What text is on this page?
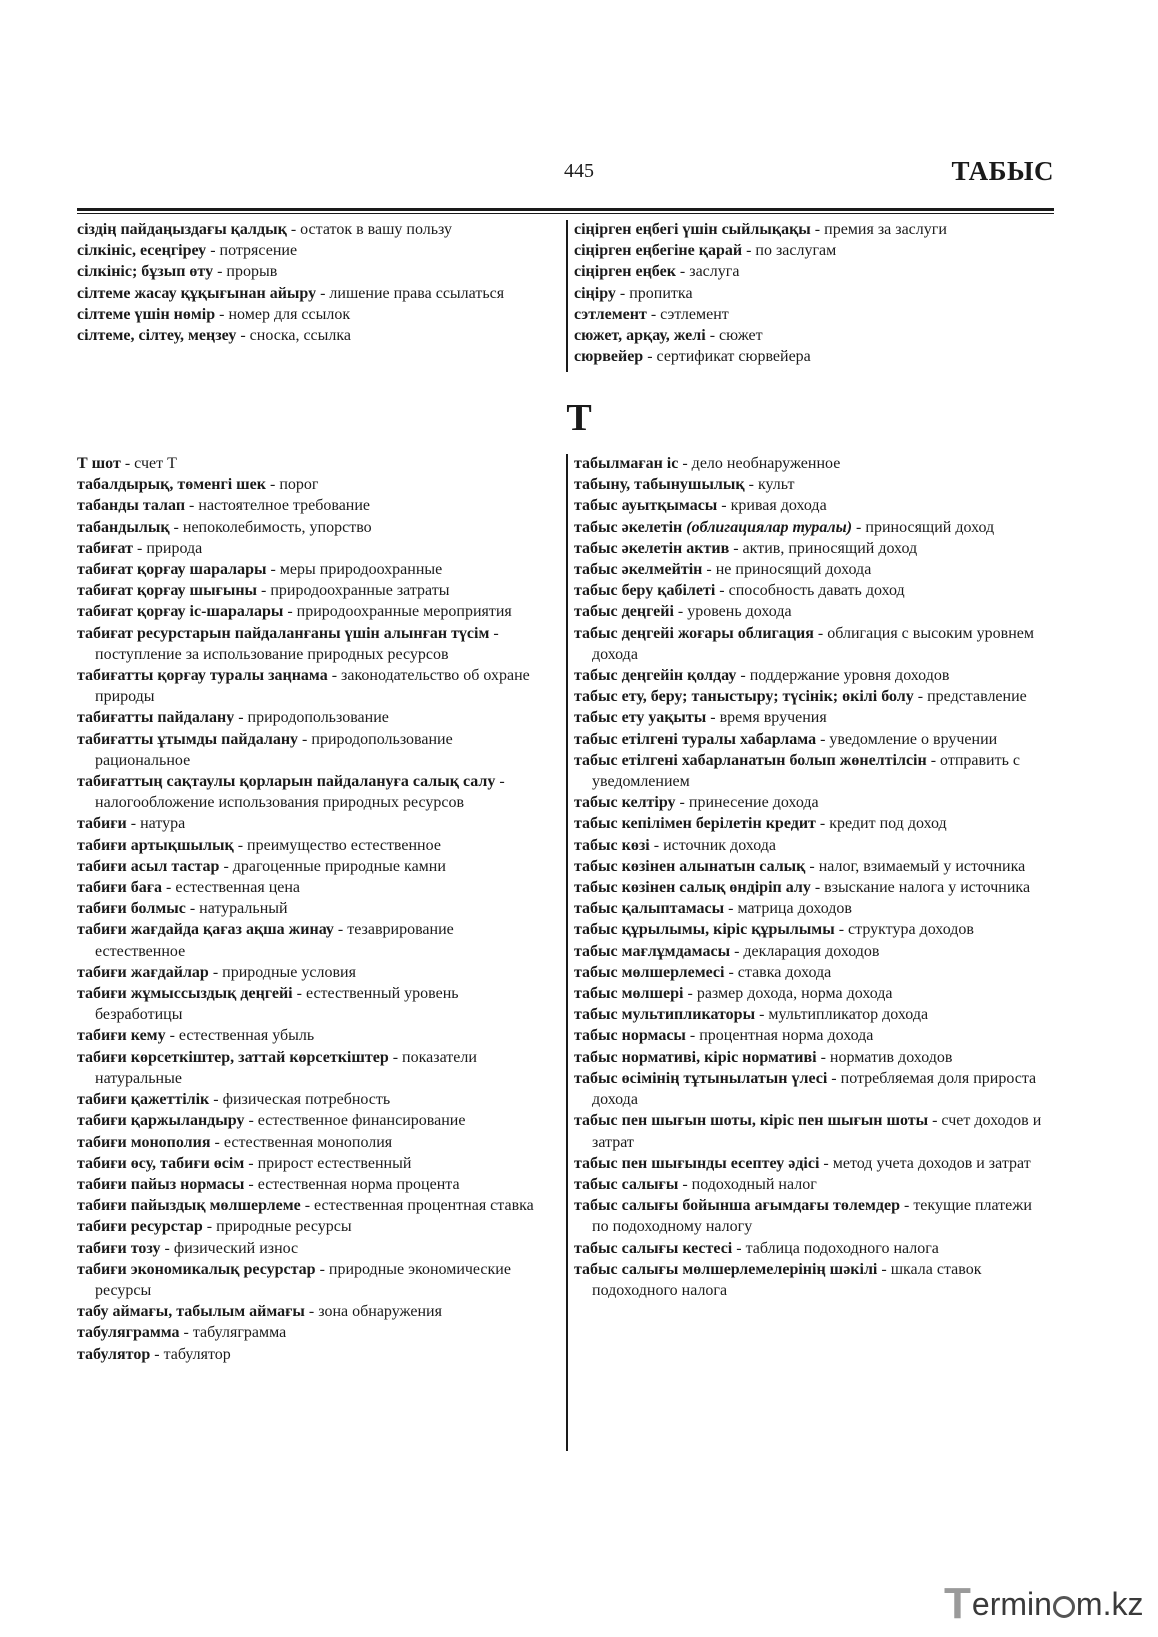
445	ТАБЫС
сіздің пайдаңыздағы қалдық - остаток в вашу пользу
сілкініс, есеңгіреу - потрясение
сілкініс; бұзып өту - прорыв
сілтеме жасау құқығынан айыру - лишение права ссылаться
сілтеме үшін нөмір - номер для ссылок
сілтеме, сілтеу, меңзеу - сноска, ссылка
сіңірген еңбегі үшін сыйлықақы - премия за заслуги
сіңірген еңбегіне қарай - по заслугам
сіңірген еңбек - заслуга
сіңіру - пропитка
сэтлемент - сэтлемент
сюжет, арқау, желі - сюжет
сюрвейер - сертификат сюрвейера
Т
Т шот - счет Т
табалдырық, төменгі шек - порог
табанды талап - настоятелное требование
табандылық - непоколебимость, упорство
табиғат - природа
табиғат қорғау шаралары - меры природоохранные
табиғат қорғау шығыны - природоохранные затраты
табиғат қорғау іс-шаралары - природоохранные мероприятия
табиғат ресурстарын пайдаланғаны үшін алынған түсім - поступление за использование природных ресурсов
табиғатты қорғау туралы заңнама - законодательство об охране природы
табиғатты пайдалану - природопользование
табиғатты ұтымды пайдалану - природопользование рациональное
табиғаттың сақтаулы қорларын пайдалануға салық салу - налогообложение использования природных ресурсов
табиғи - натура
табиғи артықшылық - преимущество естественное
табиғи асыл тастар - драгоценные природные камни
табиғи баға - естественная цена
табиғи болмыс - натуральный
табиғи жағдайда қағаз ақша жинау - тезаврирование естественное
табиғи жағдайлар - природные условия
табиғи жұмыссыздық деңгейі - естественный уровень безработицы
табиғи кему - естественная убыль
табиғи көрсеткіштер, заттай көрсеткіштер - показатели натуральные
табиғи қажеттілік - физическая потребность
табиғи қаржыландыру - естественное финансирование
табиғи монополия - естественная монополия
табиғи өсу, табиғи өсім - прирост естественный
табиғи пайыз нормасы - естественная норма процента
табиғи пайыздық мөлшерлеме - естественная процентная ставка
табиғи ресурстар - природные ресурсы
табиғи тозу - физический износ
табиғи экономикалық ресурстар - природные экономические ресурсы
табу аймағы, табылым аймағы - зона обнаружения
табуляграмма - табуляграмма
табулятор - табулятор
табылмаған іс - дело необнаруженное
табыну, табынушылық - культ
табыс ауытқымасы - кривая дохода
табыс әкелетін (облигациялар туралы) - приносящий доход
табыс әкелетін актив - актив, приносящий доход
табыс әкелмейтін - не приносящий дохода
табыс беру қабілеті - способность давать доход
табыс деңгейі - уровень дохода
табыс деңгейі жоғары облигация - облигация с высоким уровнем дохода
табыс деңгейін қолдау - поддержание уровня доходов
табыс ету, беру; таныстыру; түсінік; өкілі болу - представление
табыс ету уақыты - время вручения
табыс етілгені туралы хабарлама - уведомление о вручении
табыс етілгені хабарланатын болып жөнелтілсін - отправить с уведомлением
табыс келтіру - принесение дохода
табыс кепілімен берілетін кредит - кредит под доход
табыс көзі - источник дохода
табыс көзінен алынатын салық - налог, взимаемый у источника
табыс көзінен салық өндіріп алу - взыскание налога у источника
табыс қалыптамасы - матрица доходов
табыс құрылымы, кіріс құрылымы - структура доходов
табыс мағлұмдамасы - декларация доходов
табыс мөлшерлемесі - ставка дохода
табыс мөлшері - размер дохода, норма дохода
табыс мультипликаторы - мультипликатор дохода
табыс нормасы - процентная норма дохода
табыс нормативі, кіріс нормативі - норматив доходов
табыс өсімінің тұтынылатын үлесі - потребляемая доля прироста дохода
табыс пен шығын шоты, кіріс пен шығын шоты - счет доходов и затрат
табыс пен шығынды есептеу әдісі - метод учета доходов и затрат
табыс салығы - подоходный налог
табыс салығы бойынша ағымдағы төлемдер - текущие платежи по подоходному налогу
табыс салығы кестесі - таблица подоходного налога
табыс салығы мөлшерлемелерінің шәкілі - шкала ставок подоходного налога
T ermin m.kz
